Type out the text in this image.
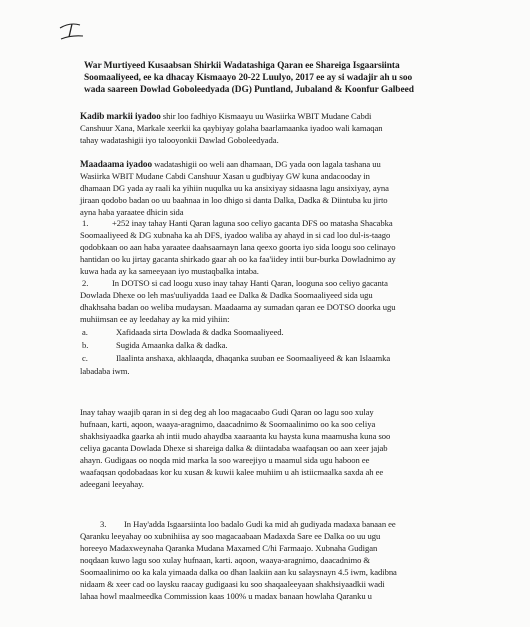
War Murtiyeed Kusaabsan Shirkii Wadatashiga Qaran ee Shareiga Isgaarsiinta
Soomaaliyeed, ee ka dhacay Kismaayo 20-22 Luulyo, 2017 ee ay si wadajir ah u soo
wada saareen Dowlad Goboleedyada (DG) Puntland, Jubaland & Koonfur Galbeed
Kadib markii iyadoo shir loo fadhiyo Kismaayu uu Wasiirka WBIT Mudane Cabdi
Canshuur Xana, Markale xeerkii ka qaybiyay golaha baarlamaanka iyadoo wali kamaqan
tahay wadatashigii iyo talooyonkii Dawlad Goboleedyada.
Maadaama iyadoo wadatashigii oo weli aan dhamaan, DG yada oon lagala tashana uu
Wasiirka WBIT Mudane Cabdi Canshuur Xasan u gudbiyay GW kuna andacooday in
dhamaan DG yada ay raali ka yihiin nuqulka uu ka ansixiyay sidaasna lagu ansixiyay, ayna
jiraan qodobo badan oo uu baahnaa in loo dhigo si danta Dalka, Dadka & Diintuba ku jirto
ayna haba yaraatee dhicin sida
1.	+252 inay tahay Hanti Qaran laguna soo celiyo gacanta DFS oo matasha Shacabka
Soomaaliyeed & DG xubnaha ka ah DFS, iyadoo waliba ay ahayd in si cad loo dul-is-taago
qodobkaan oo aan haba yaraatee daahsaarnayn lana qeexo goorta iyo sida loogu soo celinayo
hantidan oo ku jirtay gacanta shirkado gaar ah oo ka faa'iidey intii bur-burka Dowladnimo ay
kuwa hada ay ka sameeyaan iyo mustaqbalka intaba.
2.	In DOTSO si cad loogu xuso inay tahay Hanti Qaran, looguna soo celiyo gacanta
Dowlada Dhexe oo leh mas'uuliyadda 1aad ee Dalka & Dadka Soomaaliyeed sida ugu
dhakhsaha badan oo weliba mudaysan. Maadaama ay sumadan qaran ee DOTSO doorka ugu
muhiimsan ee ay leedahay ay ka mid yihiin:
a.	Xafidaada sirta Dowlada & dadka Soomaaliyeed.
b.	Sugida Amaanka dalka & dadka.
c.	Ilaalinta anshaxa, akhlaaqda, dhaqanka suuban ee Soomaaliyeed & kan Islaamka
labadaba iwm.
Inay tahay waajib qaran in si deg deg ah loo magacaabo Gudi Qaran oo lagu soo xulay
hufnaan, karti, aqoon, waaya-aragnimo, daacadnimo & Soomaalinimo oo ka soo celiya
shakhsiyaadka gaarka ah intii mudo ahaydba xaaraanta ku haysta kuna maamusha kuna soo
celiya gacanta Dowlada Dhexe si shareiga dalka & diintadaba waafaqsan oo aan xeer jajab
ahayn. Gudigaas oo noqda mid marka la soo wareejiyo u maamul sida ugu haboon ee
waafaqsan qodobadaas kor ku xusan & kuwii kalee muhiim u ah istiicmaalka saxda ah ee
adeegani leeyahay.
3. In Hay'adda Isgaarsiinta loo badalo Gudi ka mid ah gudiyada madaxa banaan ee
Qaranku leeyahay oo xubnihiisa ay soo magacaabaan Madaxda Sare ee Dalka oo uu ugu
horeeyo Madaxweynaha Qaranka Mudana Maxamed C/hi Farmaajo. Xubnaha Gudigan
noqdaan kuwo lagu soo xulay hufnaan, karti. aqoon, waaya-aragnimo, daacadnimo &
Soomaalinimo oo ka kala yimaada dalka oo dhan laakiin aan ku salaysnayn 4.5 iwm, kadibna
nidaam & xeer cad oo laysku raacay gudigaasi ku soo shaqaaleeyaan shakhsiyaadkii wadi
lahaa howl maalmeedka Commission kaas 100% u madax banaan howlaha Qaranku u
